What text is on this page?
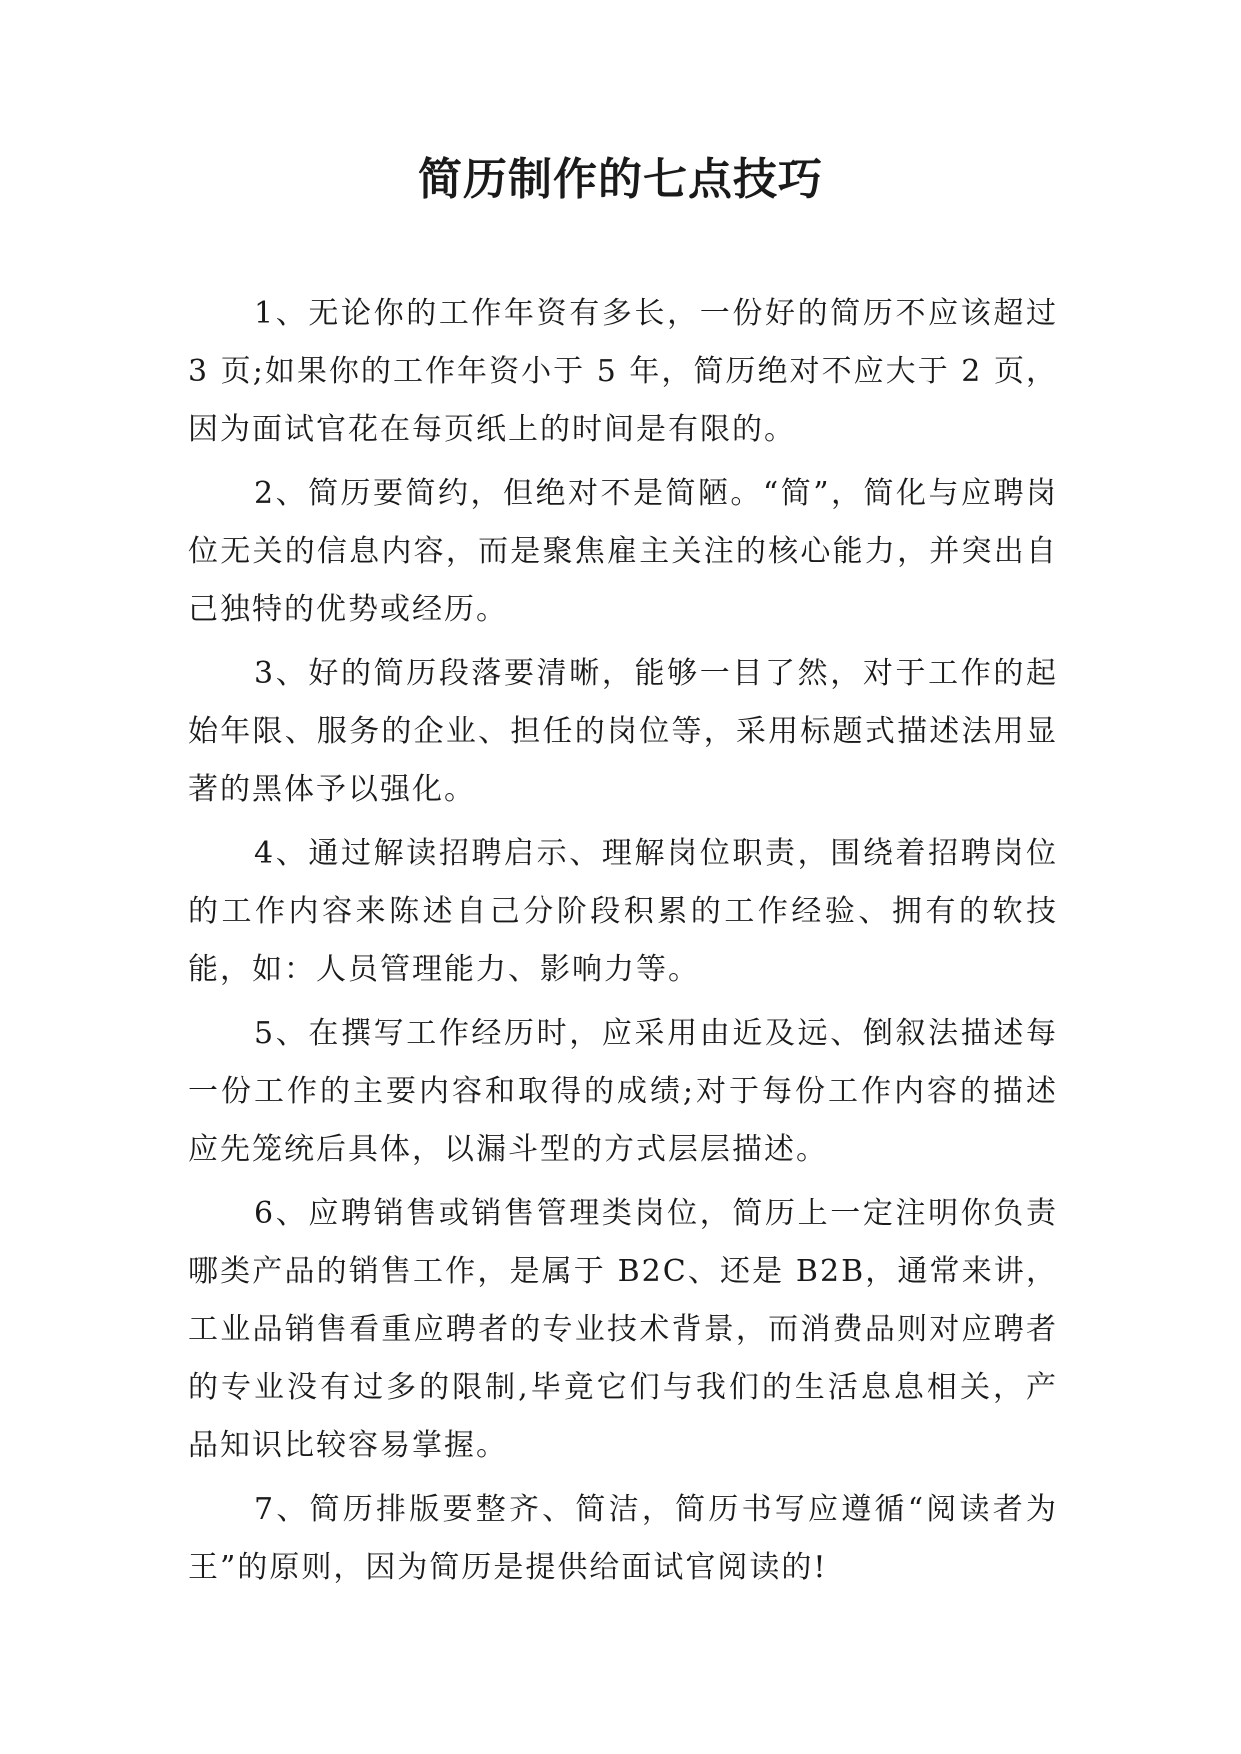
简历制作的七点技巧

1、无论你的工作年资有多长，一份好的简历不应该超过 3 页;如果你的工作年资小于 5 年，简历绝对不应大于 2 页，因为面试官花在每页纸上的时间是有限的。

2、简历要简约，但绝对不是简陋。“简”，简化与应聘岗位无关的信息内容，而是聚焦雇主关注的核心能力，并突出自己独特的优势或经历。

3、好的简历段落要清晰，能够一目了然，对于工作的起始年限、服务的企业、担任的岗位等，采用标题式描述法用显著的黑体予以强化。

4、通过解读招聘启示、理解岗位职责，围绕着招聘岗位的工作内容来陈述自己分阶段积累的工作经验、拥有的软技能，如：人员管理能力、影响力等。

5、在撰写工作经历时，应采用由近及远、倒叙法描述每一份工作的主要内容和取得的成绩;对于每份工作内容的描述应先笼统后具体，以漏斗型的方式层层描述。

6、应聘销售或销售管理类岗位，简历上一定注明你负责哪类产品的销售工作，是属于 B2C、还是 B2B，通常来讲，工业品销售看重应聘者的专业技术背景，而消费品则对应聘者的专业没有过多的限制,毕竟它们与我们的生活息息相关，产品知识比较容易掌握。

7、简历排版要整齐、简洁，简历书写应遵循“阅读者为王”的原则，因为简历是提供给面试官阅读的!
